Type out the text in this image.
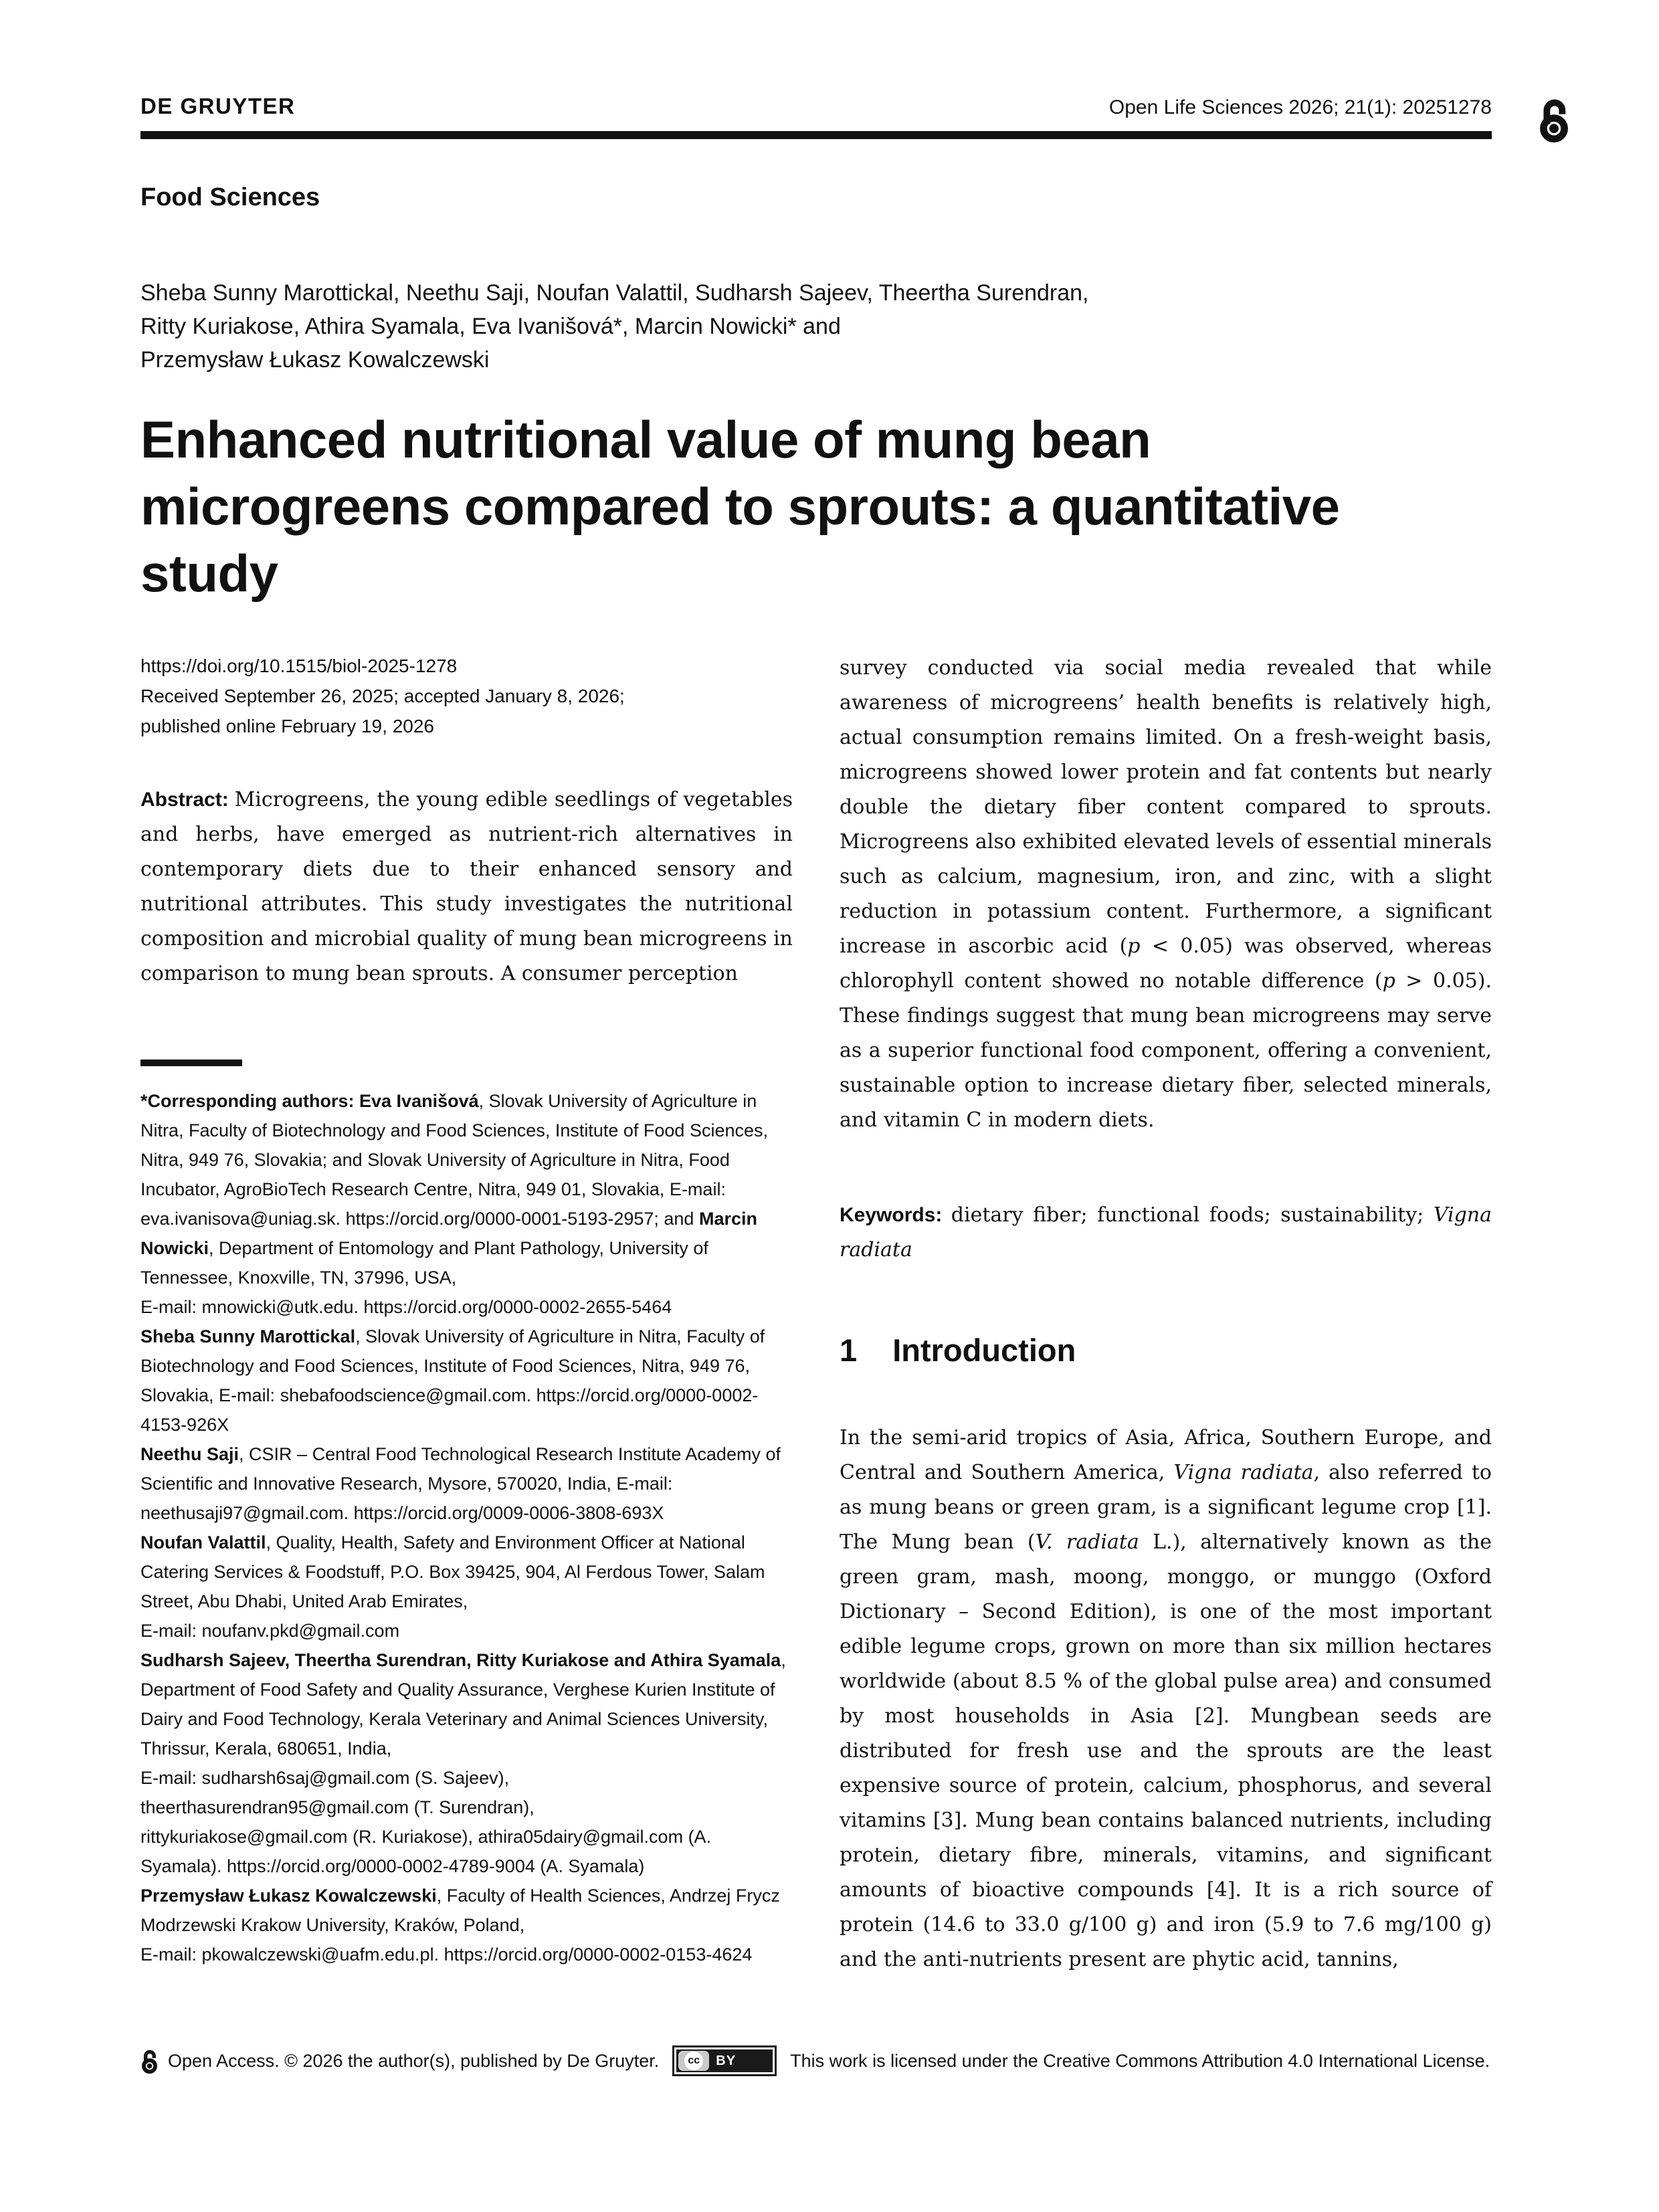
DE GRUYTER	Open Life Sciences 2026; 21(1): 20251278
Food Sciences
Sheba Sunny Marottickal, Neethu Saji, Noufan Valattil, Sudharsh Sajeev, Theertha Surendran,
Ritty Kuriakose, Athira Syamala, Eva Ivanišová*, Marcin Nowicki* and
Przemysław Łukasz Kowalczewski
Enhanced nutritional value of mung bean
microgreens compared to sprouts: a quantitative
study
https://doi.org/10.1515/biol-2025-1278
Received September 26, 2025; accepted January 8, 2026;
published online February 19, 2026

Abstract: Microgreens, the young edible seedlings of vegetables and herbs, have emerged as nutrient-rich alternatives in contemporary diets due to their enhanced sensory and nutritional attributes. This study investigates the nutritional composition and microbial quality of mung bean microgreens in comparison to mung bean sprouts. A consumer perception

*Corresponding authors: Eva Ivanišová, Slovak University of Agriculture in Nitra, Faculty of Biotechnology and Food Sciences, Institute of Food Sciences, Nitra, 949 76, Slovakia; and Slovak University of Agriculture in Nitra, Food Incubator, AgroBioTech Research Centre, Nitra, 949 01, Slovakia, E-mail: eva.ivanisova@uniag.sk. https://orcid.org/0000-0001-5193-2957; and Marcin Nowicki, Department of Entomology and Plant Pathology, University of Tennessee, Knoxville, TN, 37996, USA,
E-mail: mnowicki@utk.edu. https://orcid.org/0000-0002-2655-5464
Sheba Sunny Marottickal, Slovak University of Agriculture in Nitra, Faculty of Biotechnology and Food Sciences, Institute of Food Sciences, Nitra, 949 76, Slovakia, E-mail: shebafoodscience@gmail.com. https://orcid.org/0000-0002-4153-926X
Neethu Saji, CSIR – Central Food Technological Research Institute Academy of Scientific and Innovative Research, Mysore, 570020, India, E-mail: neethusaji97@gmail.com. https://orcid.org/0009-0006-3808-693X
Noufan Valattil, Quality, Health, Safety and Environment Officer at National Catering Services & Foodstuff, P.O. Box 39425, 904, Al Ferdous Tower, Salam Street, Abu Dhabi, United Arab Emirates,
E-mail: noufanv.pkd@gmail.com
Sudharsh Sajeev, Theertha Surendran, Ritty Kuriakose and Athira Syamala, Department of Food Safety and Quality Assurance, Verghese Kurien Institute of Dairy and Food Technology, Kerala Veterinary and Animal Sciences University, Thrissur, Kerala, 680651, India,
E-mail: sudharsh6saj@gmail.com (S. Sajeev),
theerthasurendran95@gmail.com (T. Surendran),
rittykuriakose@gmail.com (R. Kuriakose), athira05dairy@gmail.com (A. Syamala). https://orcid.org/0000-0002-4789-9004 (A. Syamala)
Przemysław Łukasz Kowalczewski, Faculty of Health Sciences, Andrzej Frycz Modrzewski Krakow University, Kraków, Poland,
E-mail: pkowalczewski@uafm.edu.pl. https://orcid.org/0000-0002-0153-4624

survey conducted via social media revealed that while awareness of microgreens’ health benefits is relatively high, actual consumption remains limited. On a fresh-weight basis, microgreens showed lower protein and fat contents but nearly double the dietary fiber content compared to sprouts. Microgreens also exhibited elevated levels of essential minerals such as calcium, magnesium, iron, and zinc, with a slight reduction in potassium content. Furthermore, a significant increase in ascorbic acid (p < 0.05) was observed, whereas chlorophyll content showed no notable difference (p > 0.05). These findings suggest that mung bean microgreens may serve as a superior functional food component, offering a convenient, sustainable option to increase dietary fiber, selected minerals, and vitamin C in modern diets.

Keywords: dietary fiber; functional foods; sustainability; Vigna radiata

1 Introduction

In the semi-arid tropics of Asia, Africa, Southern Europe, and Central and Southern America, Vigna radiata, also referred to as mung beans or green gram, is a significant legume crop [1]. The Mung bean (V. radiata L.), alternatively known as the green gram, mash, moong, monggo, or munggo (Oxford Dictionary – Second Edition), is one of the most important edible legume crops, grown on more than six million hectares worldwide (about 8.5 % of the global pulse area) and consumed by most households in Asia [2]. Mungbean seeds are distributed for fresh use and the sprouts are the least expensive source of protein, calcium, phosphorus, and several vitamins [3]. Mung bean contains balanced nutrients, including protein, dietary fibre, minerals, vitamins, and significant amounts of bioactive compounds [4]. It is a rich source of protein (14.6 to 33.0 g/100 g) and iron (5.9 to 7.6 mg/100 g) and the anti-nutrients present are phytic acid, tannins,

Open Access. © 2026 the author(s), published by De Gruyter.	cc BY	This work is licensed under the Creative Commons Attribution 4.0 International License.
